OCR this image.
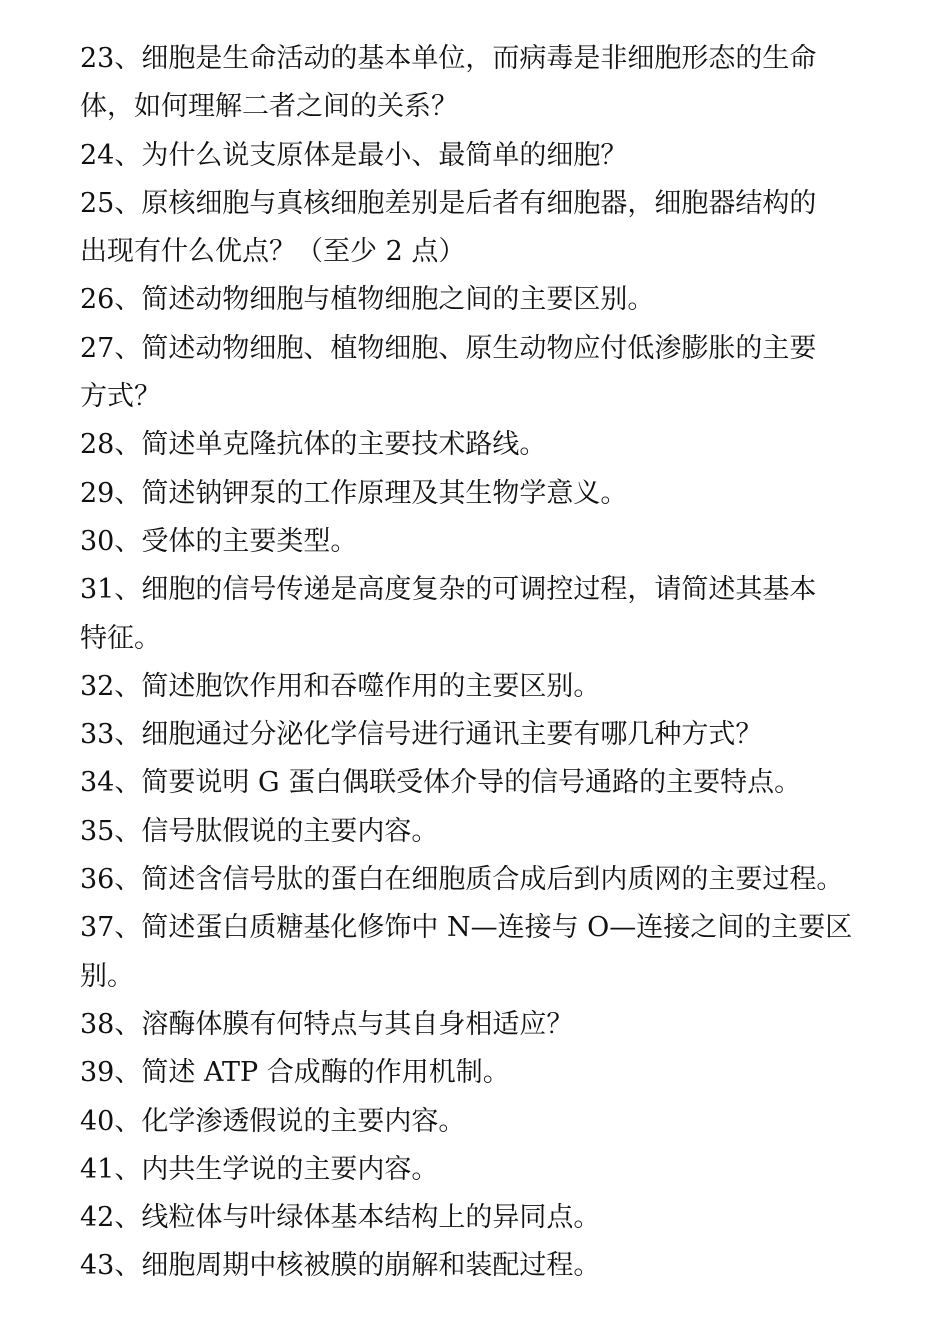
23、细胞是生命活动的基本单位，而病毒是非细胞形态的生命
体，如何理解二者之间的关系？
24、为什么说支原体是最小、最简单的细胞？
25、原核细胞与真核细胞差别是后者有细胞器，细胞器结构的
出现有什么优点？（至少 2 点）
26、简述动物细胞与植物细胞之间的主要区别。
27、简述动物细胞、植物细胞、原生动物应付低渗膨胀的主要
方式？
28、简述单克隆抗体的主要技术路线。
29、简述钠钾泵的工作原理及其生物学意义。
30、受体的主要类型。
31、细胞的信号传递是高度复杂的可调控过程，请简述其基本
特征。
32、简述胞饮作用和吞噬作用的主要区别。
33、细胞通过分泌化学信号进行通讯主要有哪几种方式？
34、简要说明 G 蛋白偶联受体介导的信号通路的主要特点。
35、信号肽假说的主要内容。
36、简述含信号肽的蛋白在细胞质合成后到内质网的主要过程。
37、简述蛋白质糖基化修饰中 N—连接与 O—连接之间的主要区
别。
38、溶酶体膜有何特点与其自身相适应？
39、简述 ATP 合成酶的作用机制。
40、化学渗透假说的主要内容。
41、内共生学说的主要内容。
42、线粒体与叶绿体基本结构上的异同点。
43、细胞周期中核被膜的崩解和装配过程。
